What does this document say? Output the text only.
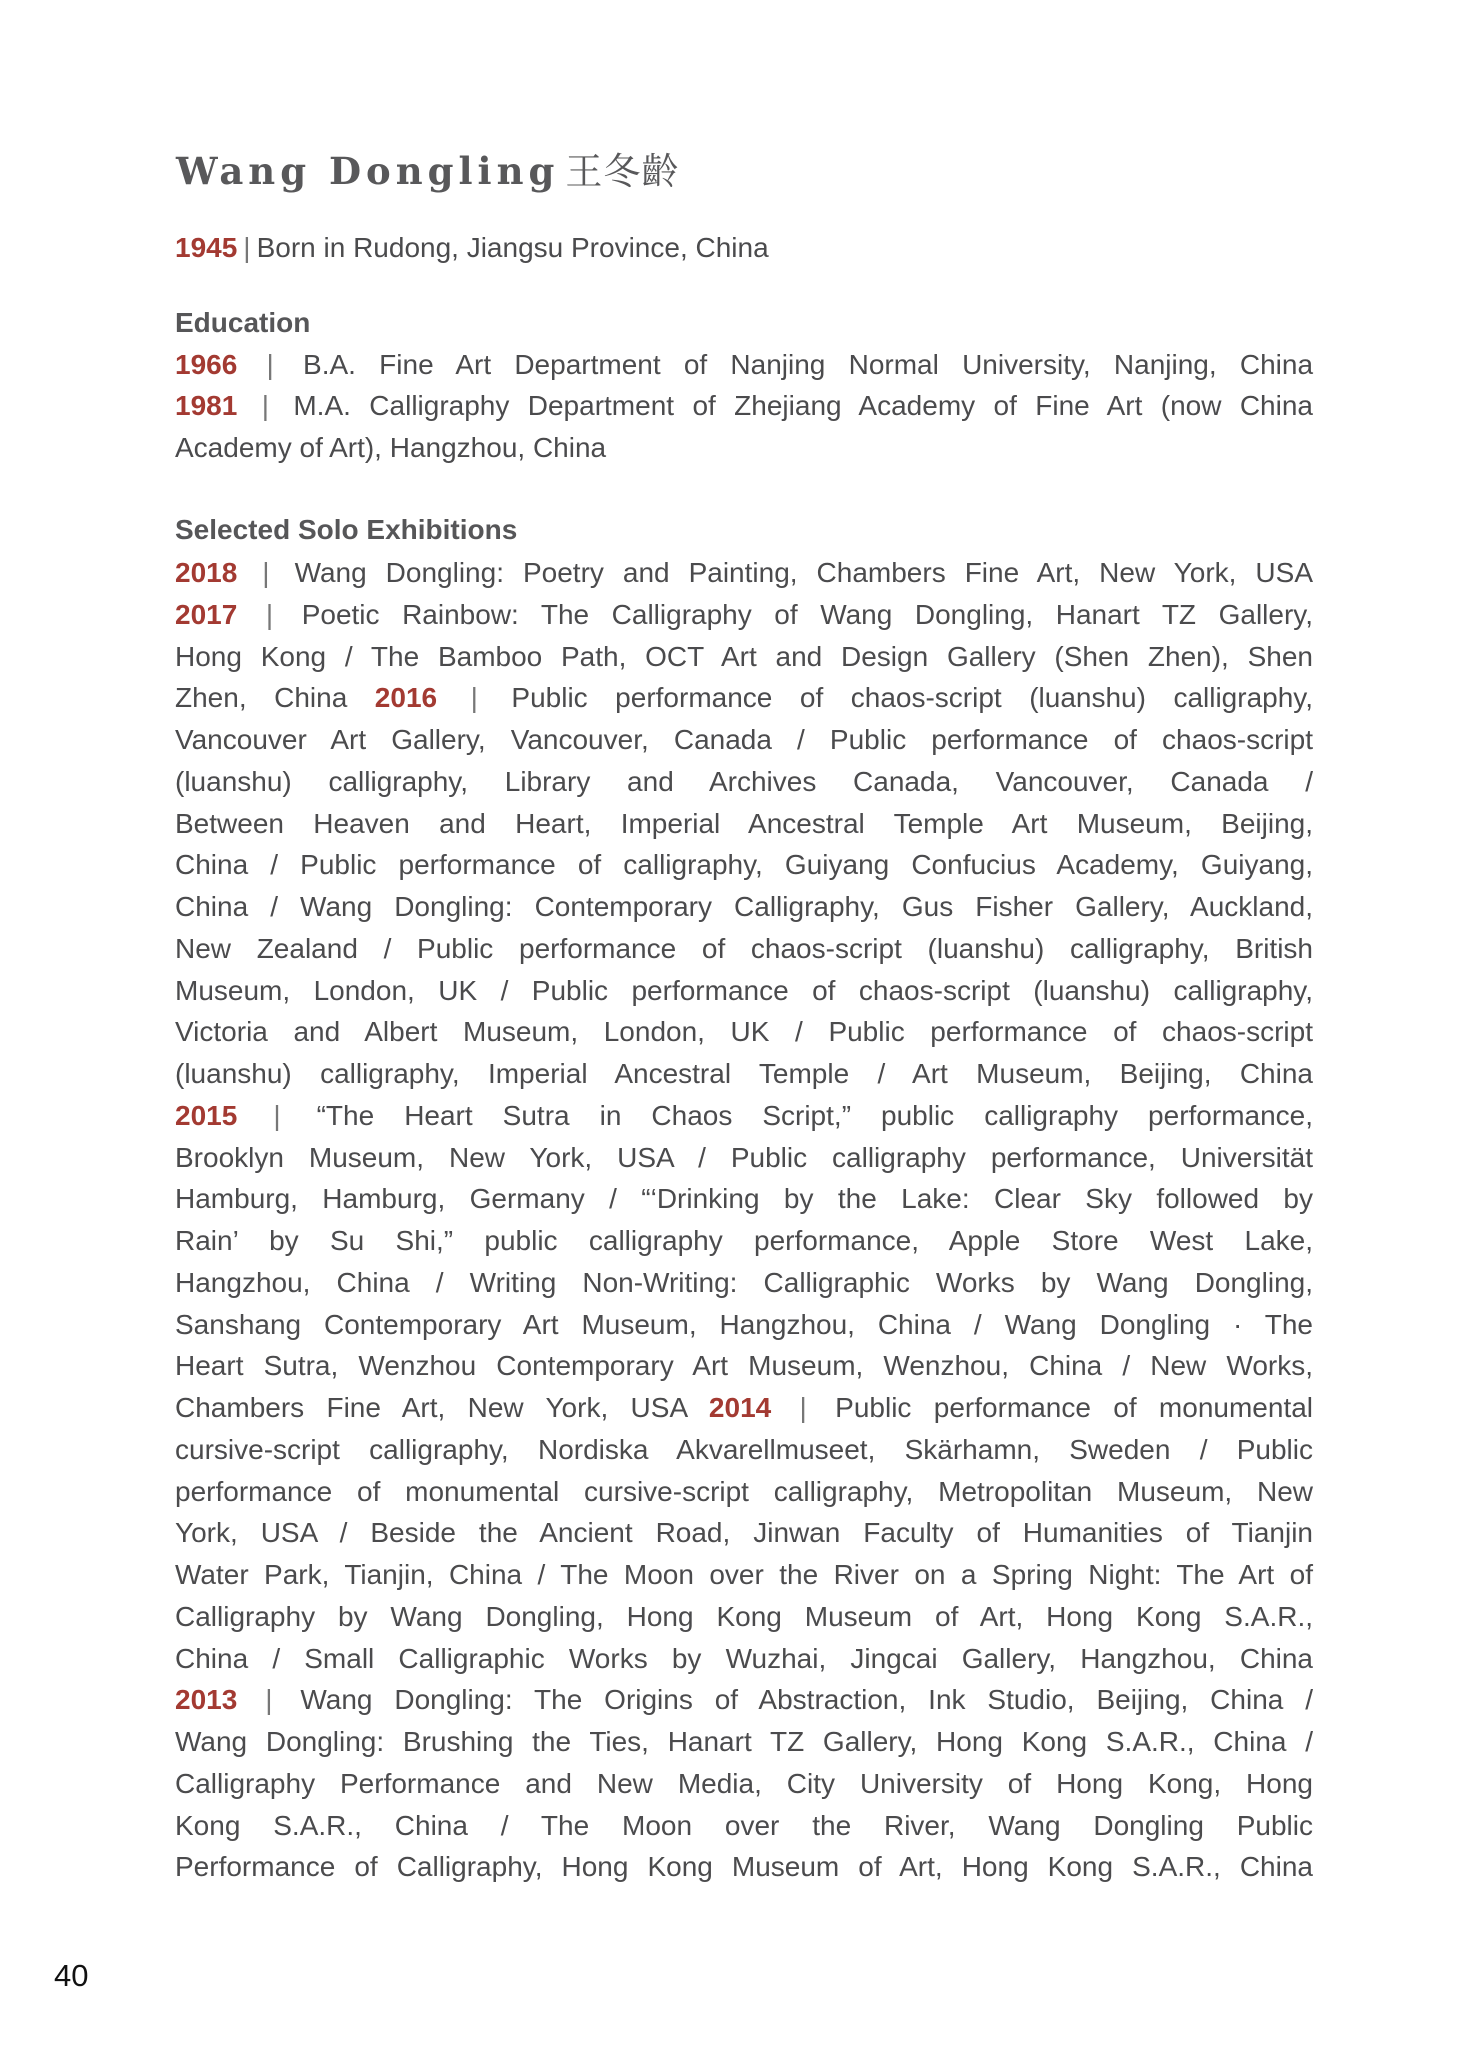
Wang Dongling 王冬齡
1945 | Born in Rudong, Jiangsu Province, China
Education
1966 | B.A. Fine Art Department of Nanjing Normal University, Nanjing, China
1981 | M.A. Calligraphy Department of Zhejiang Academy of Fine Art (now China
Academy of Art), Hangzhou, China
Selected Solo Exhibitions
2018 | Wang Dongling: Poetry and Painting, Chambers Fine Art, New York, USA
2017 | Poetic Rainbow: The Calligraphy of Wang Dongling, Hanart TZ Gallery,
Hong Kong / The Bamboo Path, OCT Art and Design Gallery (Shen Zhen), Shen
Zhen, China 2016 | Public performance of chaos-script (luanshu) calligraphy,
Vancouver Art Gallery, Vancouver, Canada / Public performance of chaos-script
(luanshu) calligraphy, Library and Archives Canada, Vancouver, Canada /
Between Heaven and Heart, Imperial Ancestral Temple Art Museum, Beijing,
China / Public performance of calligraphy, Guiyang Confucius Academy, Guiyang,
China / Wang Dongling: Contemporary Calligraphy, Gus Fisher Gallery, Auckland,
New Zealand / Public performance of chaos-script (luanshu) calligraphy, British
Museum, London, UK / Public performance of chaos-script (luanshu) calligraphy,
Victoria and Albert Museum, London, UK / Public performance of chaos-script
(luanshu) calligraphy, Imperial Ancestral Temple / Art Museum, Beijing, China
2015 | “The Heart Sutra in Chaos Script,” public calligraphy performance,
Brooklyn Museum, New York, USA / Public calligraphy performance, Universität
Hamburg, Hamburg, Germany / “‘Drinking by the Lake: Clear Sky followed by
Rain’ by Su Shi,” public calligraphy performance, Apple Store West Lake,
Hangzhou, China / Writing Non-Writing: Calligraphic Works by Wang Dongling,
Sanshang Contemporary Art Museum, Hangzhou, China / Wang Dongling · The
Heart Sutra, Wenzhou Contemporary Art Museum, Wenzhou, China / New Works,
Chambers Fine Art, New York, USA 2014 | Public performance of monumental
cursive-script calligraphy, Nordiska Akvarellmuseet, Skärhamn, Sweden / Public
performance of monumental cursive-script calligraphy, Metropolitan Museum, New
York, USA / Beside the Ancient Road, Jinwan Faculty of Humanities of Tianjin
Water Park, Tianjin, China / The Moon over the River on a Spring Night: The Art of
Calligraphy by Wang Dongling, Hong Kong Museum of Art, Hong Kong S.A.R.,
China / Small Calligraphic Works by Wuzhai, Jingcai Gallery, Hangzhou, China
2013 | Wang Dongling: The Origins of Abstraction, Ink Studio, Beijing, China /
Wang Dongling: Brushing the Ties, Hanart TZ Gallery, Hong Kong S.A.R., China /
Calligraphy Performance and New Media, City University of Hong Kong, Hong
Kong S.A.R., China / The Moon over the River, Wang Dongling Public
Performance of Calligraphy, Hong Kong Museum of Art, Hong Kong S.A.R., China
40
